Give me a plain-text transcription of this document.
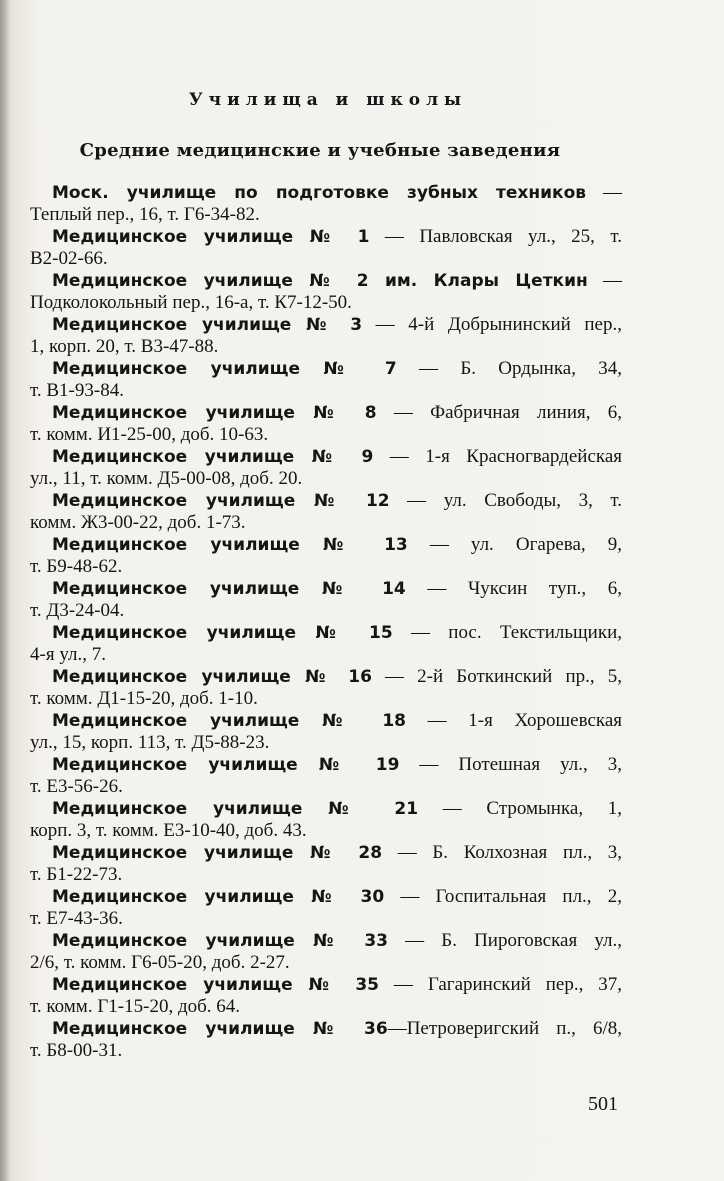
Училища и школы
Средние медицинские и учебные заведения
Моск. училище по подготовке зубных техников —
Теплый пер., 16, т. Г6-34-82.
Медицинское училище № 1 — Павловская ул., 25, т.
В2-02-66.
Медицинское училище № 2 им. Клары Цеткин —
Подколокольный пер., 16-а, т. К7-12-50.
Медицинское училище № 3 — 4-й Добрынинский пер.,
1, корп. 20, т. В3-47-88.
Медицинское училище № 7 — Б. Ордынка, 34,
т. В1-93-84.
Медицинское училище № 8 — Фабричная линия, 6,
т. комм. И1-25-00, доб. 10-63.
Медицинское училище № 9 — 1-я Красногвардейская
ул., 11, т. комм. Д5-00-08, доб. 20.
Медицинское училище № 12 — ул. Свободы, 3, т.
комм. Ж3-00-22, доб. 1-73.
Медицинское училище № 13 — ул. Огарева, 9,
т. Б9-48-62.
Медицинское училище № 14 — Чуксин туп., 6,
т. Д3-24-04.
Медицинское училище № 15 — пос. Текстильщики,
4-я ул., 7.
Медицинское училище № 16 — 2-й Боткинский пр., 5,
т. комм. Д1-15-20, доб. 1-10.
Медицинское училище № 18 — 1-я Хорошевская
ул., 15, корп. 113, т. Д5-88-23.
Медицинское училище № 19 — Потешная ул., 3,
т. Е3-56-26.
Медицинское училище № 21 — Стромынка, 1,
корп. 3, т. комм. Е3-10-40, доб. 43.
Медицинское училище № 28 — Б. Колхозная пл., 3,
т. Б1-22-73.
Медицинское училище № 30 — Госпитальная пл., 2,
т. Е7-43-36.
Медицинское училище № 33 — Б. Пироговская ул.,
2/6, т. комм. Г6-05-20, доб. 2-27.
Медицинское училище № 35 — Гагаринский пер., 37,
т. комм. Г1-15-20, доб. 64.
Медицинское училище № 36—Петроверигский п., 6/8,
т. Б8-00-31.
501
